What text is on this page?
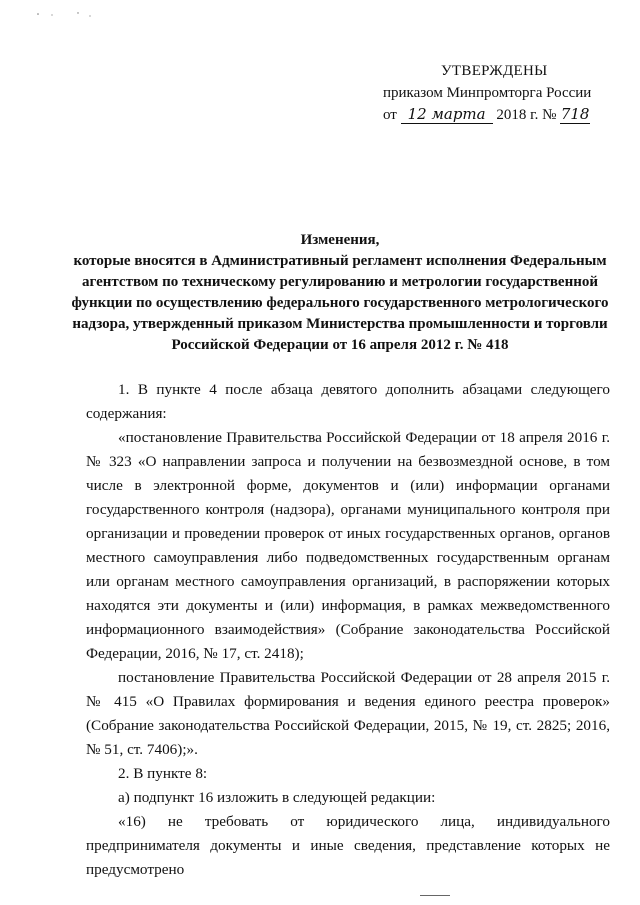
УТВЕРЖДЕНЫ
приказом Минпромторга России
от 12 марта 2018 г. № 718
Изменения,
которые вносятся в Административный регламент исполнения Федеральным
агентством по техническому регулированию и метрологии государственной
функции по осуществлению федерального государственного метрологического
надзора, утвержденный приказом Министерства промышленности и торговли
Российской Федерации от 16 апреля 2012 г. № 418

1. В пункте 4 после абзаца девятого дополнить абзацами следующего содержания:

«постановление Правительства Российской Федерации от 18 апреля 2016 г. № 323 «О направлении запроса и получении на безвозмездной основе, в том числе в электронной форме, документов и (или) информации органами государственного контроля (надзора), органами муниципального контроля при организации и проведении проверок от иных государственных органов, органов местного самоуправления либо подведомственных государственным органам или органам местного самоуправления организаций, в распоряжении которых находятся эти документы и (или) информация, в рамках межведомственного информационного взаимодействия» (Собрание законодательства Российской Федерации, 2016, № 17, ст. 2418);

постановление Правительства Российской Федерации от 28 апреля 2015 г. № 415 «О Правилах формирования и ведения единого реестра проверок» (Собрание законодательства Российской Федерации, 2015, № 19, ст. 2825; 2016, № 51, ст. 7406);».

2. В пункте 8:

а) подпункт 16 изложить в следующей редакции:

«16) не требовать от юридического лица, индивидуального предпринимателя документы и иные сведения, представление которых не предусмотрено
